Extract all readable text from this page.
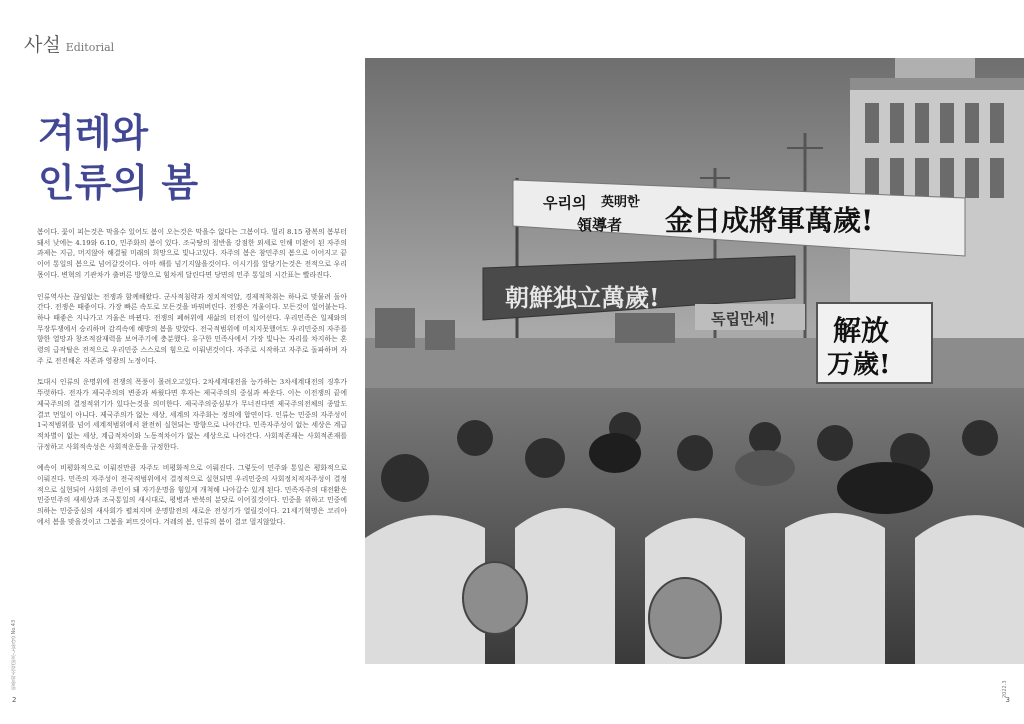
사설 Editorial
겨레와
인류의 봄

봄이다. 꽃이 피는것은 막을수 있어도 봄이 오는것은 막을수 없다는 그봄이다. 멀리 8.15 광복의 봄부터 돼서 낮에는 4.19와 6.10, 민주화의 봄이 있다. 조국땅의 절반을 강점한 외세로 인해 미완이 된 자주의 과제는 지금, 머지않아 해결될 미래의 희망으로 빛나고있다. 자주의 봄은 참민주의 봄으로 이어지고 끝이어 통일의 봄으로 넘어갈것이다. 아마 해를 넘기지않을것이다. 이시기를 앞당기는것은 전적으로 우리몫이다. 변혁의 기관차가 출버른 방향으로 힘차게 달린다면 당면의 민주 통일의 시간표는 빨라진다.

인류역사는 끊임없는 전쟁과 함께해왔다. 군사적침략과 정치적억압, 경제적착취는 하나로 맞물려 돌아간다. 전쟁은 때좋이다. 가장 빠른 속도로 모든것을 바꿔버린다. 전쟁은 겨울이다. 모든것이 얼어붙는다. 하나 때좋은 지나가고 겨울은 바뀐다. 전쟁의 폐허위에 새삶의 터전이 일어선다. 우리민족은 일제와의 무장투쟁에서 승리하며 감격속에 해방의 봄을 맞았다. 전국적범위에 미치지못했어도 우리민중의 자주를 향한 열망과 창조적잠재력을 보여주기에 충분했다. 유구한 민족사에서 가장 빛나는 자리를 차지하는 혼령의 급작탈은 전적으로 우리민중 스스로의 힘으로 이뤄낸것이다. 자주로 시작하고 자주로 돌파하며 자주 로 전진해온 자존과 영광의 노정이다.

토대시 인류의 운명위에 전쟁의 폭풍이 몰려오고있다. 2차세계대전을 능가하는 3차세계대전의 징후가 뚜렷하다. 전자가 제국주의의 변종과 싸웠다면 후자는 제국주의의 중심과 싸운다. 이는 이전쟁의 끝에 제국주의의 결정적위기가 있다는것을 의미한다. 제국주의중심부가 무너진다면 제국주의전체의 종말도 결코 먼일이 아니다. 제국주의가 없는 세상, 세계의 자주화는 정의에 합연이다. 인류는 민중의 자주성이 1국적범위를 넘어 세계적범위에서 완전히 실현되는 방향으로 나아간다. 민족자주성이 없는 세상은 계급적차별이 없는 세상, 계급적차이와 노동적차이가 없는 세상으로 나아간다. 사회적존재는 사회적존재를 규정하고 사회적속성은 사회적운동을 규정한다.

예속이 비평화적으로 이뤄진만큼 자주도 비평화적으로 이뤄진다. 그렇듯이 민주와 통일은 평화적으로 이뤄진다. 민족의 자주성이 전국적범위에서 결정적으로 실현되면 우리민중의 사회정치적자주성이 결정적으로 실현되어 사회의 주인이 돼 자기운명을 힘있게 개척해 나아갈수 있게 된다. 민족자주의 대전환은 민중민주의 새세상과 조국통일의 새시대로, 평병과 반북의 분닷로 이어질것이다. 민중을 위하고 민중에 의하는 민중중심의 새사회가 펼쳐지며 운명발전의 새로운 전성기가 열릴것이다. 21세기혁명은 코리아에서 봄을 맞을것이고 그봄을 퍼뜨것이다. 겨레의 봄, 인류의 봄이 결코 멀지않았다.

민중의소리(민주노동당) No.43	2022.3
2	3
우리의 英明한
領導者 金日成將軍萬歲!
朝鮮独立萬歲!
독립만세! 解放
万歲!
